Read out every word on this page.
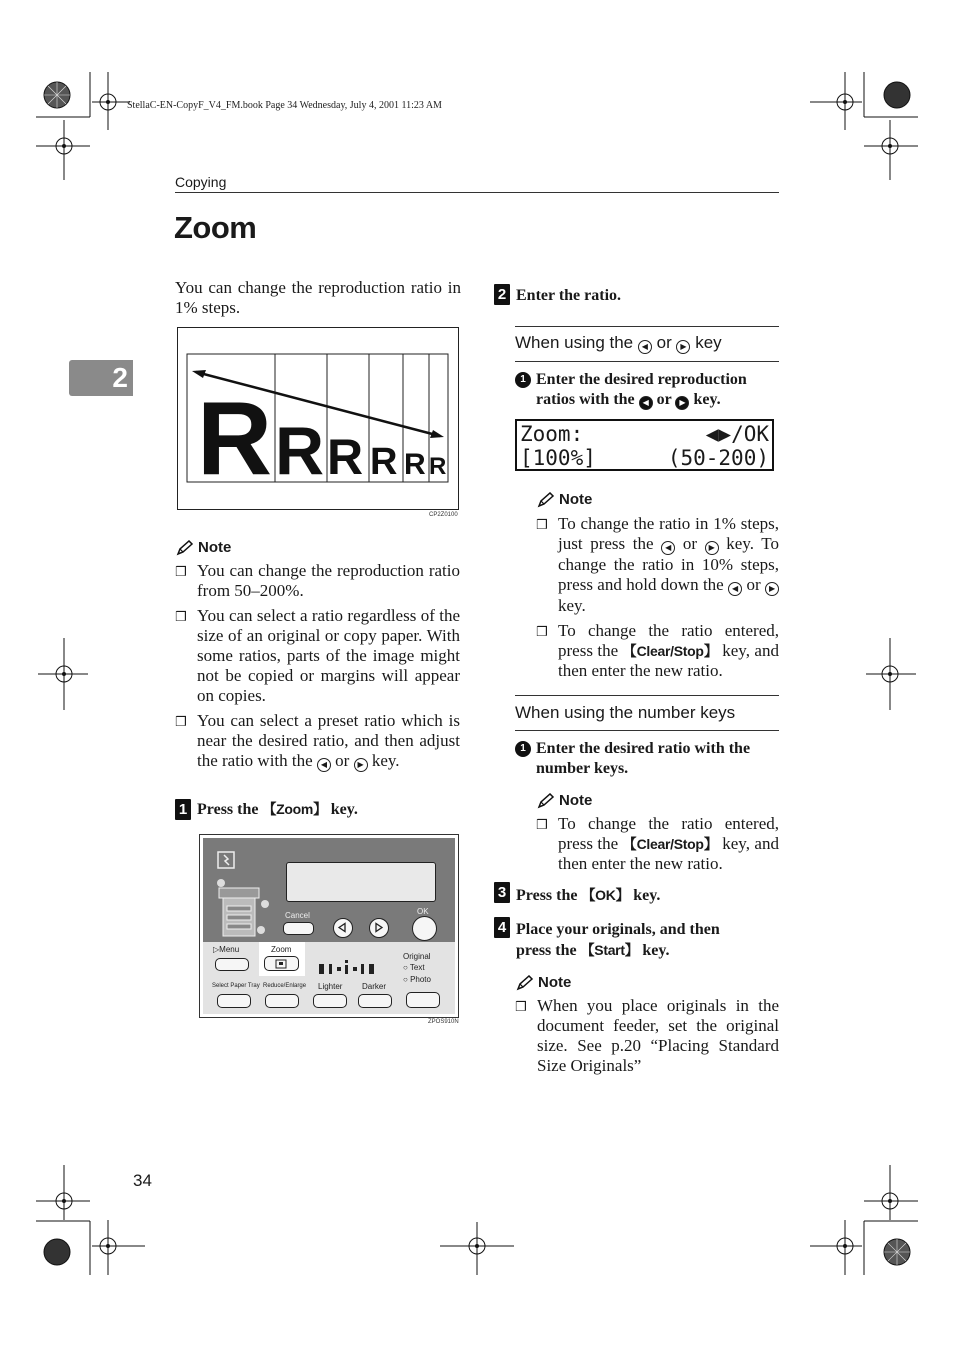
StellaC-EN-CopyF_V4_FM.book Page 34 Wednesday, July 4, 2001 11:23 AM
Copying
Zoom
2
You can change the reproduction ratio in 1% steps.
R R R R R R
CP2Z0100
Note
❒ You can change the reproduction ratio from 50–200%.
❒ You can select a ratio regardless of the size of an original or copy paper. With some ratios, parts of the image might not be copied or margins will appear on copies.
❒ You can select a preset ratio which is near the desired ratio, and then adjust the ratio with the ◀ or ▶ key.
1 Press the 【Zoom】 key.
Cancel	OK
▷Menu	Zoom
Original
○ Text
○ Photo
Select Paper Tray Reduce/Enlarge Lighter Darker
ZPOS910N
2 Enter the ratio.
When using the ◀ or ▶ key
1 Enter the desired reproduction
ratios with the ◀ or ▶ key.
Zoom:	◀▶/OK
[100%]	(50-200)
Note
❒ To change the ratio in 1% steps, just press the ◀ or ▶ key. To change the ratio in 10% steps, press and hold down the ◀ or ▶ key.
❒ To change the ratio entered, press the 【Clear/Stop】 key, and then enter the new ratio.
When using the number keys
1 Enter the desired ratio with the number keys.
Note
❒ To change the ratio entered, press the 【Clear/Stop】 key, and then enter the new ratio.
3 Press the 【OK】 key.
4 Place your originals, and then
press the 【Start】 key.
Note
❒ When you place originals in the document feeder, set the original size. See p.20 “Placing Standard Size Originals”
34
